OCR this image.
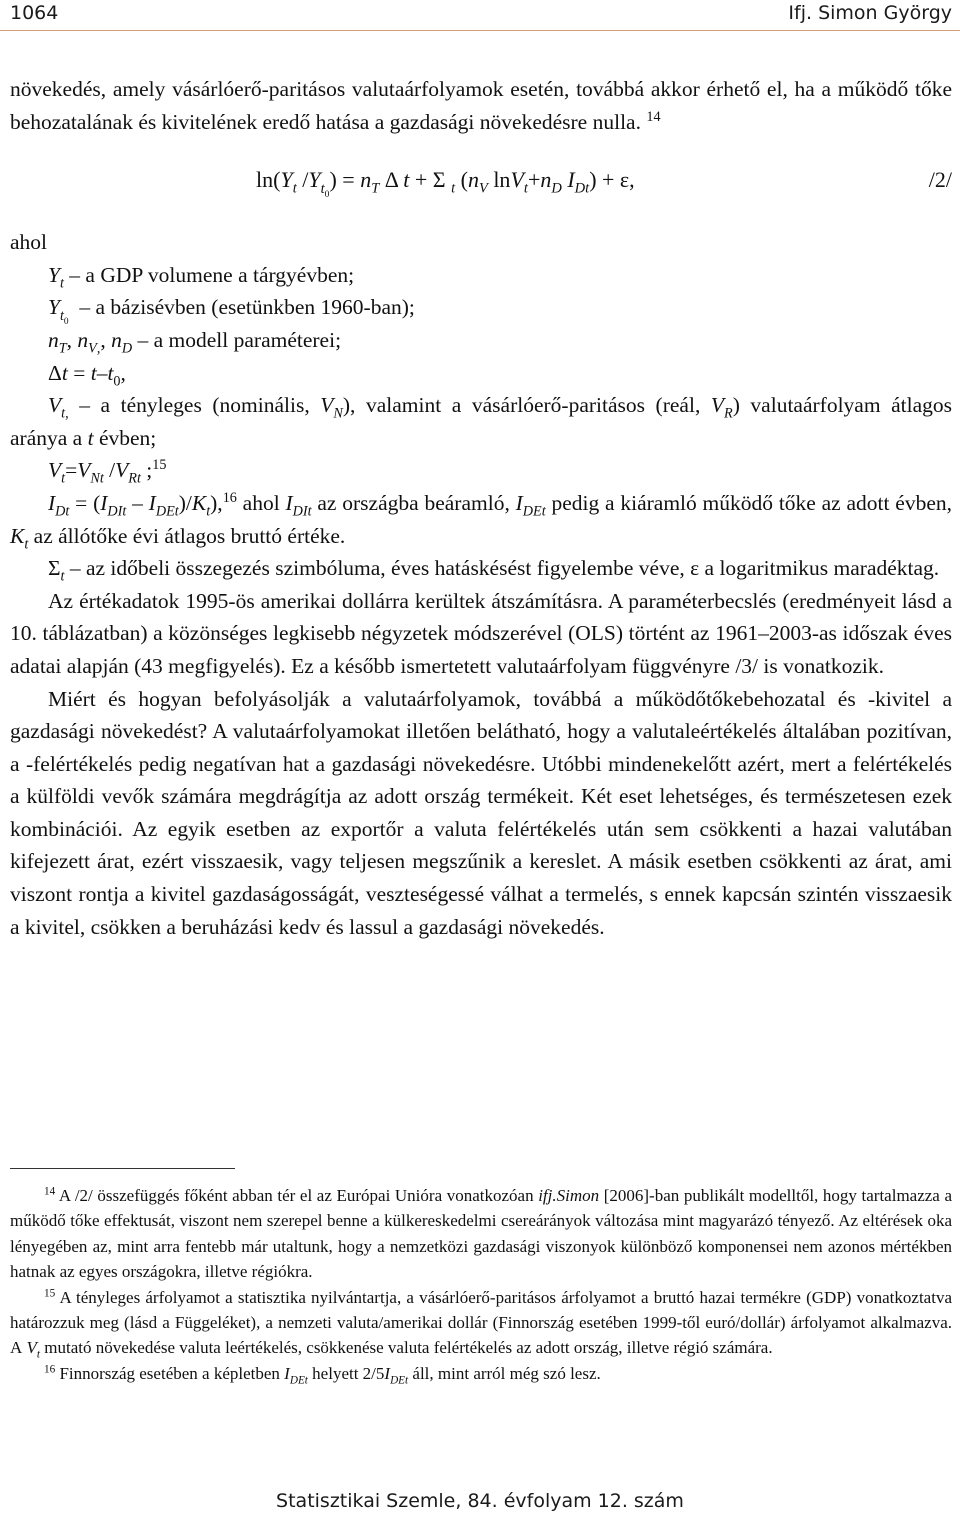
1064	Ifj. Simon György

növekedés, amely vásárlóerő-paritásos valutaárfolyamok esetén, továbbá akkor érhető el, ha a működő tőke behozatalának és kivitelének eredő hatása a gazdasági növekedésre nulla. $^{14}$

$\ln(Y_t$ $/Y_{t_0}) = n_T$ Δ t + Σ $_t$ ($n_V$ $\ln V_t+n_D$ $I_{Dt}) + \varepsilon$,	/2/

ahol

$Y_t$ – a GDP volumene a tárgyévben;

$Y_{t_0}$  – a bázisévben (esetünkben 1960-ban);

$n_T$, $n_{V,}$, $n_D$ – a modell paraméterei;

$\Delta t = t-t_0$,

$V_{t,}$ – a tényleges (nominális, $V_N$), valamint a vásárlóerő-paritásos (reál, $V_R$) valutaárfolyam átlagos aránya a t évben;

$V_t=V_{Nt}$ $/V_{Rt}$ ;$^{15}$

$I_{Dt} = (I_{DIt} - I_{DEt})/K_t),^{16}$ ahol $I_{DIt}$ az országba beáramló, $I_{DEt}$ pedig a kiáramló működő tőke az adott évben, $K_t$ az állótőke évi átlagos bruttó értéke.

$\Sigma_t$ – az időbeli összegezés szimbóluma, éves hatáskésést figyelembe véve, ε a logaritmikus maradéktag.

Az értékadatok 1995-ös amerikai dollárra kerültek átszámításra. A paraméterbecslés (eredményeit lásd a 10. táblázatban) a közönséges legkisebb négyzetek módszerével (OLS) történt az 1961–2003-as időszak éves adatai alapján (43 megfigyelés). Ez a később ismertetett valutaárfolyam függvényre /3/ is vonatkozik.

Miért és hogyan befolyásolják a valutaárfolyamok, továbbá a működőtőkebehozatal és -kivitel a gazdasági növekedést? A valutaárfolyamokat illetően belátható, hogy a valutaleértékelés általában pozitívan, a -felértékelés pedig negatívan hat a gazdasági növekedésre. Utóbbi mindenekelőtt azért, mert a felértékelés a külföldi vevők számára megdrágítja az adott ország termékeit. Két eset lehetséges, és természetesen ezek kombinációi. Az egyik esetben az exportőr a valuta felértékelés után sem csökkenti a hazai valutában kifejezett árat, ezért visszaesik, vagy teljesen megszűnik a kereslet. A másik esetben csökkenti az árat, ami viszont rontja a kivitel gazdaságosságát, veszteségessé válhat a termelés, s ennek kapcsán szintén visszaesik a kivitel, csökken a beruházási kedv és lassul a gazdasági növekedés.

$^{14}$ A /2/ összefüggés főként abban tér el az Európai Unióra vonatkozóan ifj.Simon [2006]-ban publikált modelltől, hogy tartalmazza a működő tőke effektusát, viszont nem szerepel benne a külkereskedelmi csereárányok változása mint magyarázó tényező. Az eltérések oka lényegében az, mint arra fentebb már utaltunk, hogy a nemzetközi gazdasági viszonyok különböző komponensei nem azonos mértékben hatnak az egyes országokra, illetve régiókra.

$^{15}$ A tényleges árfolyamot a statisztika nyilvántartja, a vásárlóerő-paritásos árfolyamot a bruttó hazai termékre (GDP) vonatkoztatva határozzuk meg (lásd a Függeléket), a nemzeti valuta/amerikai dollár (Finnország esetében 1999-től euró/dollár) árfolyamot alkalmazva. A $V_t$ mutató növekedése valuta leértékelés, csökkenése valuta felértékelés az adott ország, illetve régió számára.

$^{16}$ Finnország esetében a képletben $I_{DEt}$ helyett $2/5I_{DEt}$ áll, mint arról még szó lesz.

Statisztikai Szemle, 84. évfolyam 12. szám
